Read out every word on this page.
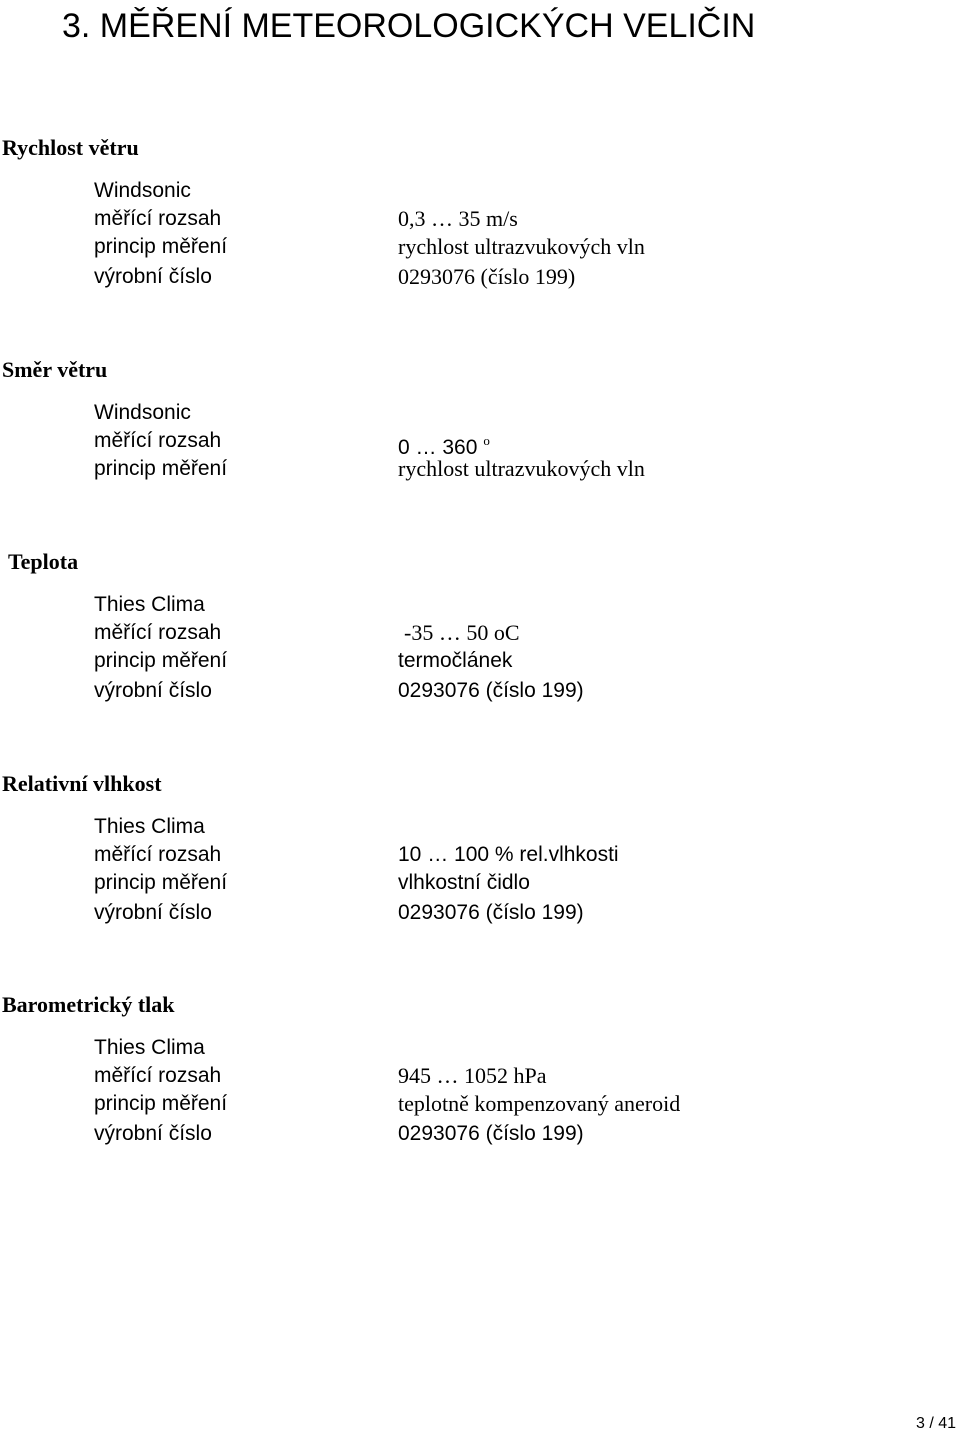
3. MĚŘENÍ METEOROLOGICKÝCH VELIČIN
Rychlost větru
Windsonic
měřící rozsah	0,3 … 35 m/s
princip měření	rychlost ultrazvukových vln
výrobní číslo	0293076 (číslo 199)
Směr větru
Windsonic
měřící rozsah	0 … 360 $^o$
princip měření	rychlost ultrazvukových vln
Teplota
Thies Clima
měřící rozsah	-35 … 50 oC
princip měření	termočlánek
výrobní číslo	0293076 (číslo 199)
Relativní vlhkost
Thies Clima
měřící rozsah	10 … 100 % rel.vlhkosti
princip měření	vlhkostní čidlo
výrobní číslo	0293076 (číslo 199)
Barometrický tlak
Thies Clima
měřící rozsah	945 … 1052 hPa
princip měření	teplotně kompenzovaný aneroid
výrobní číslo	0293076 (číslo 199)
3 / 41
